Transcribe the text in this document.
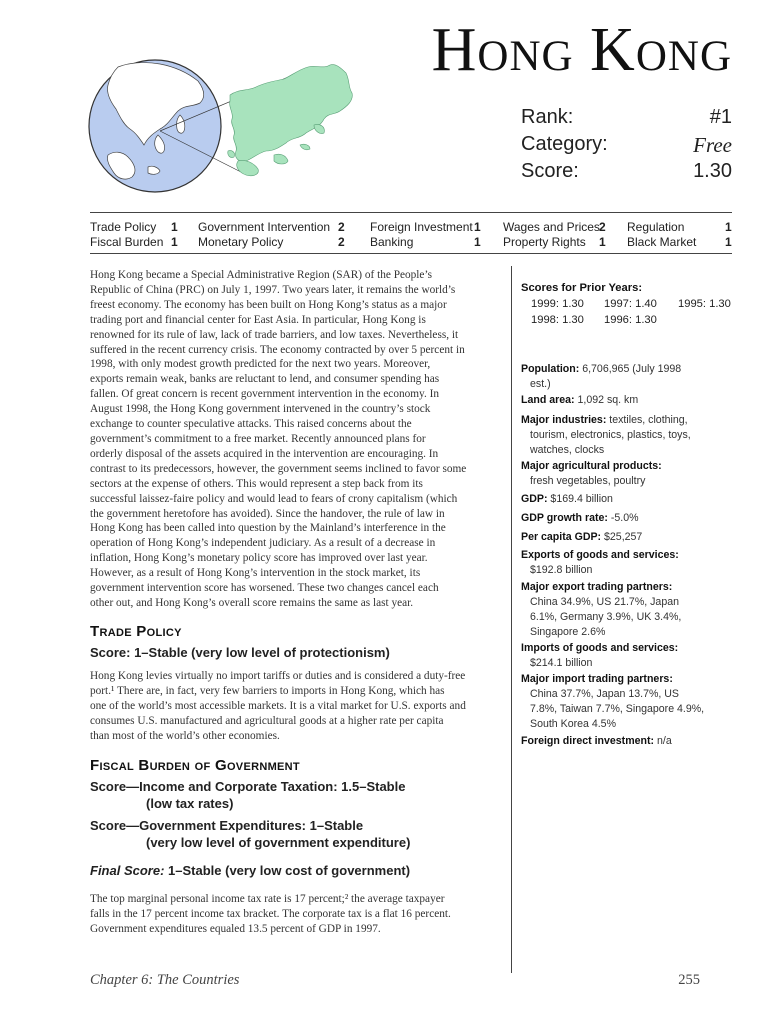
Hong Kong
Rank:	#1
Category:	Free
Score:	1.30
Trade Policy 1 Government Intervention 2 Foreign Investment 1 Wages and Prices 2 Regulation	1
Fiscal Burden 1 Monetary Policy	2 Banking	1 Property Rights 1 Black Market 1
Hong Kong became a Special Administrative Region (SAR) of the People’s
Republic of China (PRC) on July 1, 1997. Two years later, it remains the world’s
freest economy. The economy has been built on Hong Kong’s status as a major
trading port and financial center for East Asia. In particular, Hong Kong is
renowned for its rule of law, lack of trade barriers, and low taxes. Nevertheless, it
suffered in the recent currency crisis. The economy contracted by over 5 percent in
1998, with only modest growth predicted for the next two years. Moreover,
exports remain weak, banks are reluctant to lend, and consumer spending has
fallen. Of great concern is recent government intervention in the economy. In
August 1998, the Hong Kong government intervened in the country’s stock
exchange to counter speculative attacks. This raised concerns about the
government’s commitment to a free market. Recently announced plans for
orderly disposal of the assets acquired in the intervention are encouraging. In
contrast to its predecessors, however, the government seems inclined to favor some
sectors at the expense of others. This would represent a step back from its
successful laissez-faire policy and would lead to fears of crony capitalism (which
the government heretofore has avoided). Since the handover, the rule of law in
Hong Kong has been called into question by the Mainland’s interference in the
operation of Hong Kong’s independent judiciary. As a result of a decrease in
inflation, Hong Kong’s monetary policy score has improved over last year.
However, as a result of Hong Kong’s intervention in the stock market, its
government intervention score has worsened. These two changes cancel each
other out, and Hong Kong’s overall score remains the same as last year.
Trade Policy
Score: 1–Stable (very low level of protectionism)
Hong Kong levies virtually no import tariffs or duties and is considered a duty-free
port.¹ There are, in fact, very few barriers to imports in Hong Kong, which has
one of the world’s most accessible markets. It is a vital market for U.S. exports and
consumes U.S. manufactured and agricultural goods at a higher rate per capita
than most of the world’s other economies.
Fiscal Burden of Government
Score—Income and Corporate Taxation: 1.5–Stable
(low tax rates)
Score—Government Expenditures: 1–Stable
(very low level of government expenditure)
Final Score: 1–Stable (very low cost of government)
The top marginal personal income tax rate is 17 percent;² the average taxpayer
falls in the 17 percent income tax bracket. The corporate tax is a flat 16 percent.
Government expenditures equaled 13.5 percent of GDP in 1997.
Scores for Prior Years:
1999: 1.30 1997: 1.40 1995: 1.30
1998: 1.30 1996: 1.30
Population: 6,706,965 (July 1998
est.)
Land area: 1,092 sq. km
Major industries: textiles, clothing,
tourism, electronics, plastics, toys,
watches, clocks
Major agricultural products:
fresh vegetables, poultry
GDP: $169.4 billion
GDP growth rate: -5.0%
Per capita GDP: $25,257
Exports of goods and services:
$192.8 billion
Major export trading partners:
China 34.9%, US 21.7%, Japan
6.1%, Germany 3.9%, UK 3.4%,
Singapore 2.6%
Imports of goods and services:
$214.1 billion
Major import trading partners:
China 37.7%, Japan 13.7%, US
7.8%, Taiwan 7.7%, Singapore 4.9%,
South Korea 4.5%
Foreign direct investment: n/a
Chapter 6: The Countries	255
